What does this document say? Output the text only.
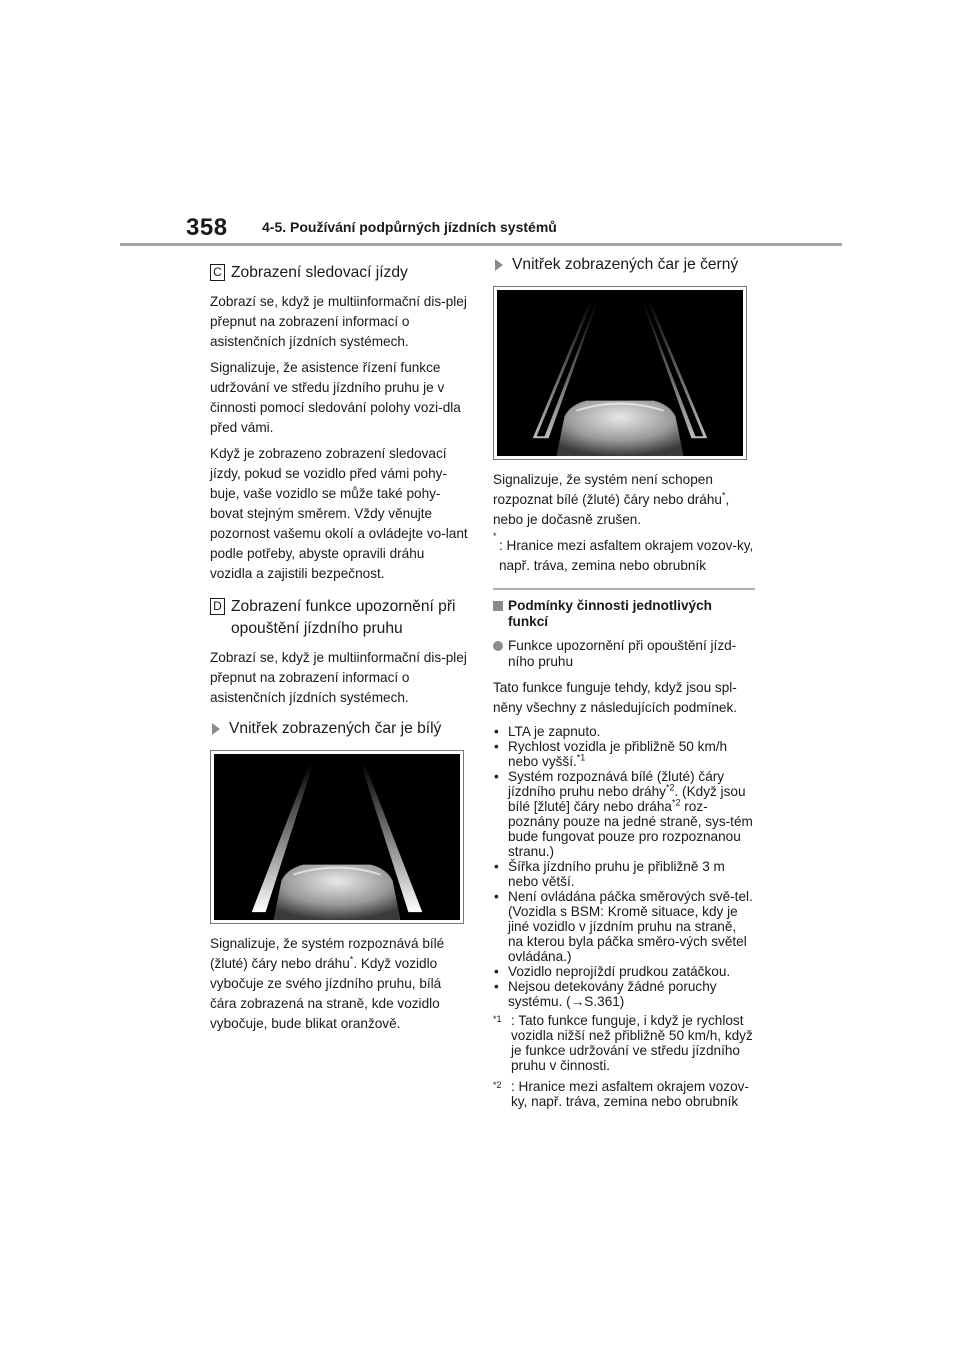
358 4-5. Používání podpůrných jízdních systémů
C Zobrazení sledovací jízdy

Zobrazí se, když je multiinformační dis-plej přepnut na zobrazení informací o asistenčních jízdních systémech.

Signalizuje, že asistence řízení funkce udržování ve středu jízdního pruhu je v činnosti pomocí sledování polohy vozi-dla před vámi.

Když je zobrazeno zobrazení sledovací jízdy, pokud se vozidlo před vámi pohy-buje, vaše vozidlo se může také pohy-bovat stejným směrem. Vždy věnujte pozornost vašemu okolí a ovládejte vo-lant podle potřeby, abyste opravili dráhu vozidla a zajistili bezpečnost.

D Zobrazení funkce upozornění při opouštění jízdního pruhu

Zobrazí se, když je multiinformační dis-plej přepnut na zobrazení informací o asistenčních jízdních systémech.

Vnitřek zobrazených čar je bílý

Signalizuje, že systém rozpoznává bílé (žluté) čáry nebo dráhu*. Když vozidlo vybočuje ze svého jízdního pruhu, bílá čára zobrazená na straně, kde vozidlo vybočuje, bude blikat oranžově.

Vnitřek zobrazených čar je černý

Signalizuje, že systém není schopen rozpoznat bílé (žluté) čáry nebo dráhu*, nebo je dočasně zrušen.

*
: Hranice mezi asfaltem okrajem vozov-ky, např. tráva, zemina nebo obrubník
Podmínky činnosti jednotlivých funkcí
Funkce upozornění při opouštění jízd-ního pruhu

Tato funkce funguje tehdy, když jsou spl-něny všechny z následujících podmínek.

• LTA je zapnuto.
• Rychlost vozidla je přibližně 50 km/h nebo vyšší.$^{*1}$
• Systém rozpoznává bílé (žluté) čáry jízdního pruhu nebo dráhy$^{*2}$. (Když jsou bílé [žluté] čáry nebo dráha$^{*2}$ roz-poznány pouze na jedné straně, sys-tém bude fungovat pouze pro rozpoznanou stranu.)
• Šířka jízdního pruhu je přibližně 3 m nebo větší.
• Není ovládána páčka směrových svě-tel. (Vozidla s BSM: Kromě situace, kdy je jiné vozidlo v jízdním pruhu na straně, na kterou byla páčka směro-vých světel ovládána.)
• Vozidlo neprojíždí prudkou zatáčkou.
• Nejsou detekovány žádné poruchy systému. (→S.361)
*1 : Tato funkce funguje, i když je rychlost vozidla nižší než přibližně 50 km/h, když je funkce udržování ve středu jízdního pruhu v činnosti.
*2 : Hranice mezi asfaltem okrajem vozov-ky, např. tráva, zemina nebo obrubník
